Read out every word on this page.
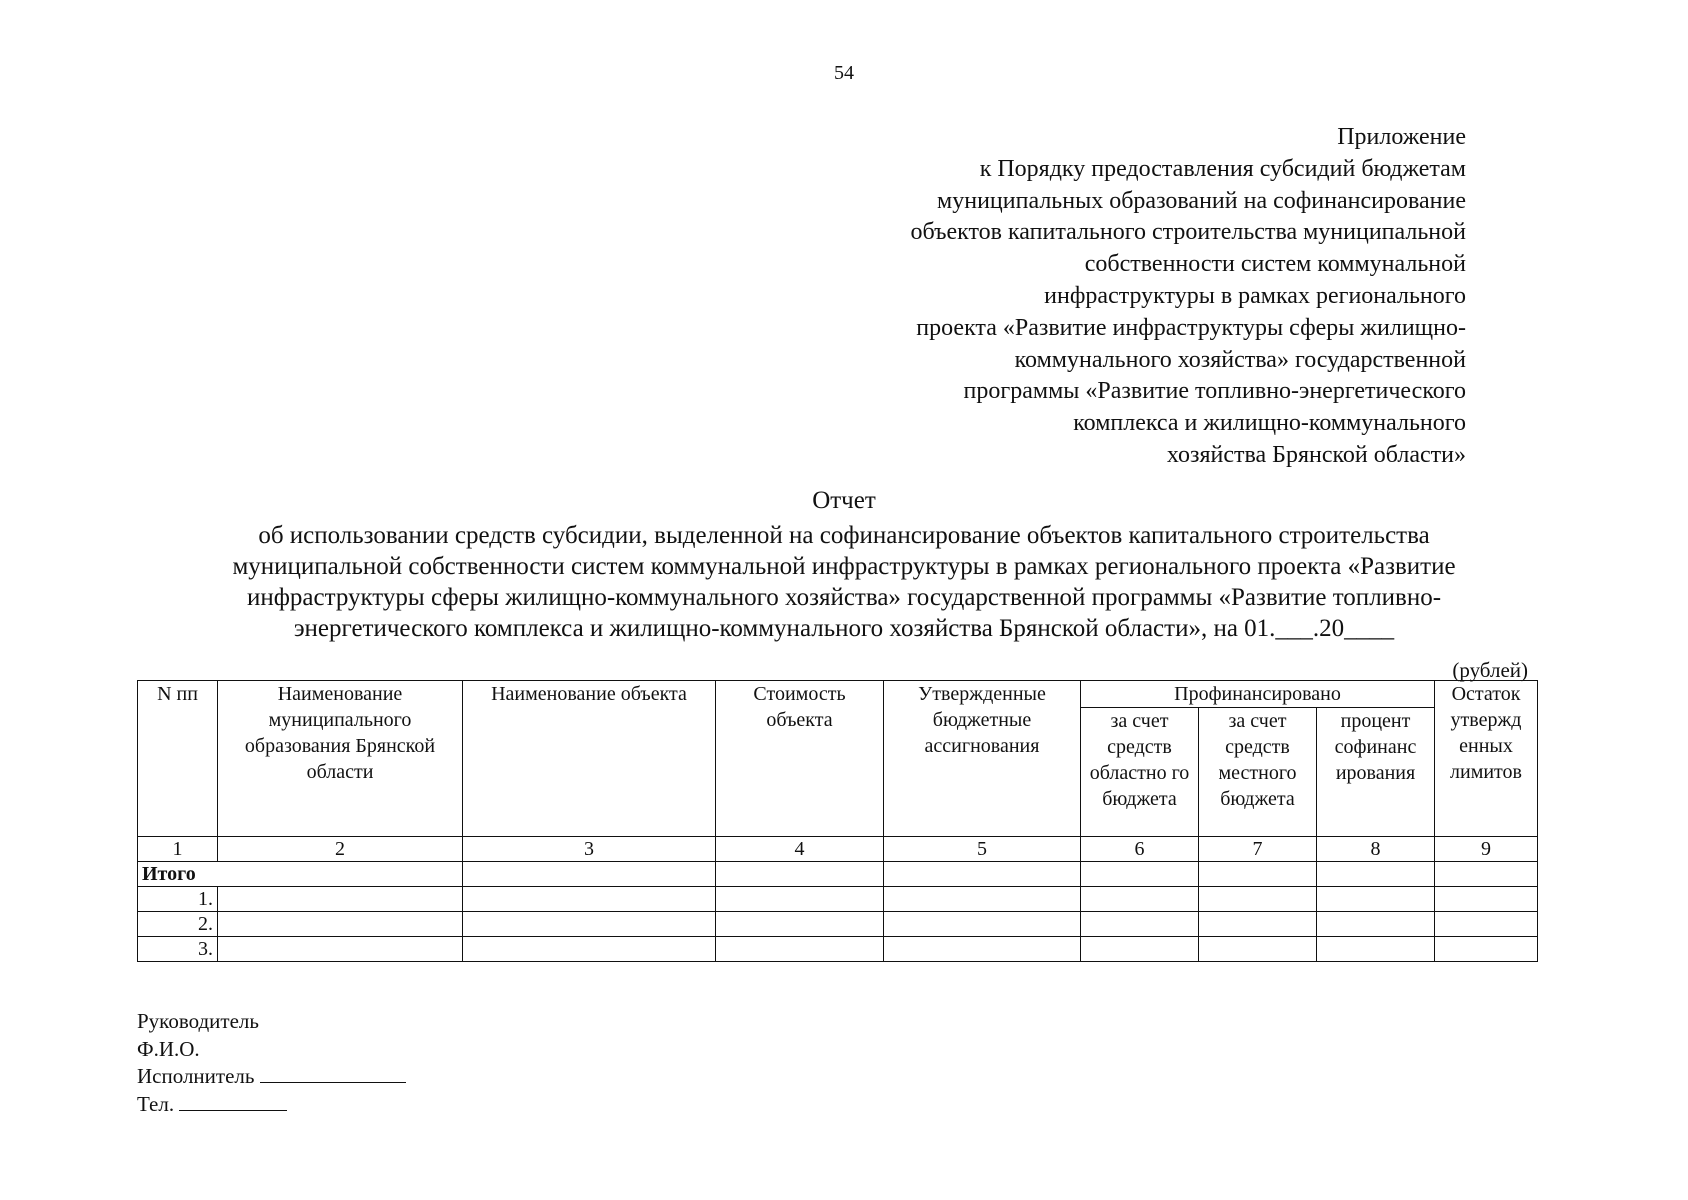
54
Приложение
к Порядку предоставления субсидий бюджетам
муниципальных образований на софинансирование
объектов капитального строительства муниципальной
собственности систем коммунальной
инфраструктуры в рамках регионального
проекта «Развитие инфраструктуры сферы жилищно-
коммунального хозяйства» государственной
программы «Развитие топливно-энергетического
комплекса и жилищно-коммунального
хозяйства Брянской области»
Отчет
об использовании средств субсидии, выделенной на софинансирование объектов капитального строительства
муниципальной собственности систем коммунальной инфраструктуры в рамках регионального проекта «Развитие
инфраструктуры сферы жилищно-коммунального хозяйства» государственной программы «Развитие топливно-
энергетического комплекса и жилищно-коммунального хозяйства Брянской области», на 01.___.20____
(рублей)
N пп	Наименование муниципального образования Брянской области	Наименование объекта	Стоимость объекта	Утвержденные бюджетные ассигнования	Профинансировано			Остаток утвержд енных лимитов
					за счет средств областно го бюджета	за счет средств местного бюджета	процент софинанс ирования	
1	2	3	4	5	6	7	8	9
Итого								
1.								
2.								
3.								
Руководитель
Ф.И.О.
Исполнитель
Тел.
